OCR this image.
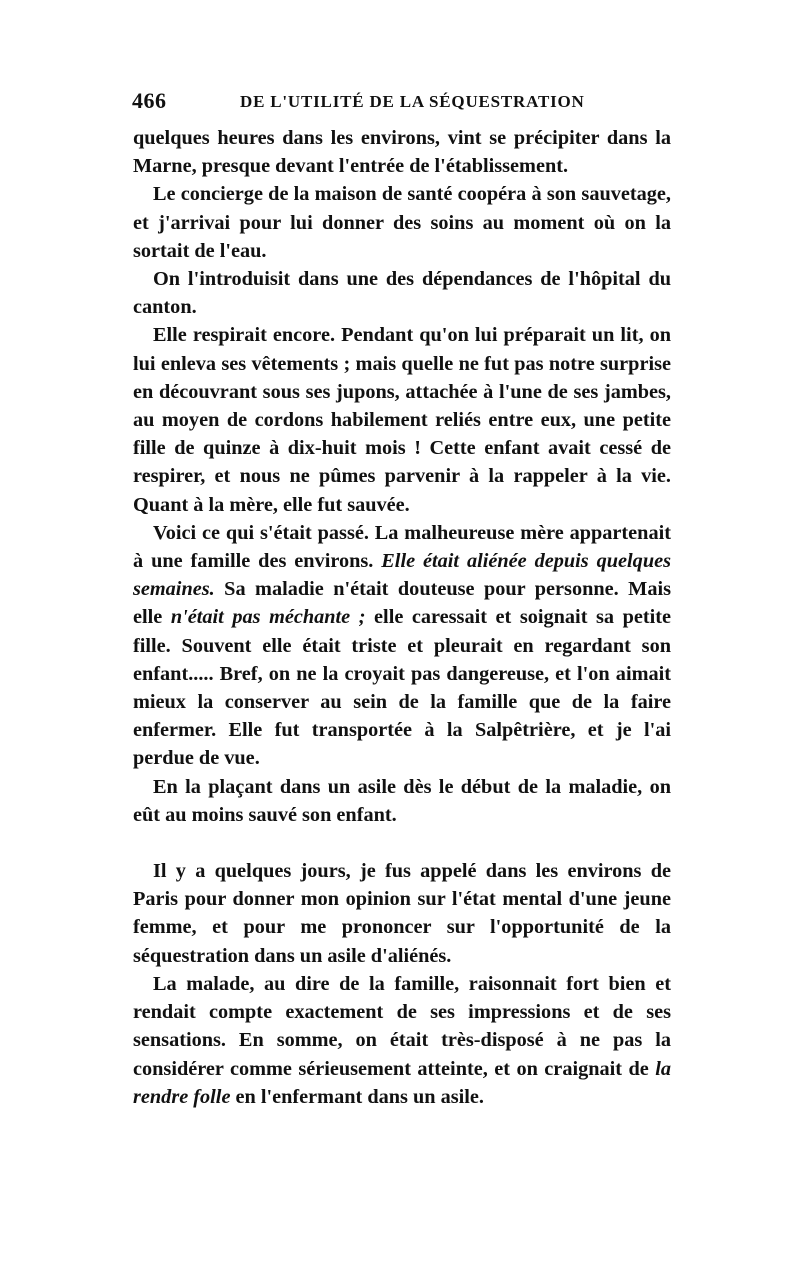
466	DE L'UTILITÉ DE LA SÉQUESTRATION

quelques heures dans les environs, vint se précipiter dans la Marne, presque devant l'entrée de l'établissement.

Le concierge de la maison de santé coopéra à son sauvetage, et j'arrivai pour lui donner des soins au moment où on la sortait de l'eau.

On l'introduisit dans une des dépendances de l'hôpital du canton.

Elle respirait encore. Pendant qu'on lui préparait un lit, on lui enleva ses vêtements ; mais quelle ne fut pas notre surprise en découvrant sous ses jupons, attachée à l'une de ses jambes, au moyen de cordons habilement reliés entre eux, une petite fille de quinze à dix-huit mois ! Cette enfant avait cessé de respirer, et nous ne pûmes parvenir à la rappeler à la vie. Quant à la mère, elle fut sauvée.

Voici ce qui s'était passé. La malheureuse mère appartenait à une famille des environs. Elle était aliénée depuis quelques semaines. Sa maladie n'était douteuse pour personne. Mais elle n'était pas méchante ; elle caressait et soignait sa petite fille. Souvent elle était triste et pleurait en regardant son enfant..... Bref, on ne la croyait pas dangereuse, et l'on aimait mieux la conserver au sein de la famille que de la faire enfermer. Elle fut transportée à la Salpêtrière, et je l'ai perdue de vue.

En la plaçant dans un asile dès le début de la maladie, on eût au moins sauvé son enfant.

Il y a quelques jours, je fus appelé dans les environs de Paris pour donner mon opinion sur l'état mental d'une jeune femme, et pour me prononcer sur l'opportunité de la séquestration dans un asile d'aliénés.

La malade, au dire de la famille, raisonnait fort bien et rendait compte exactement de ses impressions et de ses sensations. En somme, on était très-disposé à ne pas la considérer comme sérieusement atteinte, et on craignait de la rendre folle en l'enfermant dans un asile.
